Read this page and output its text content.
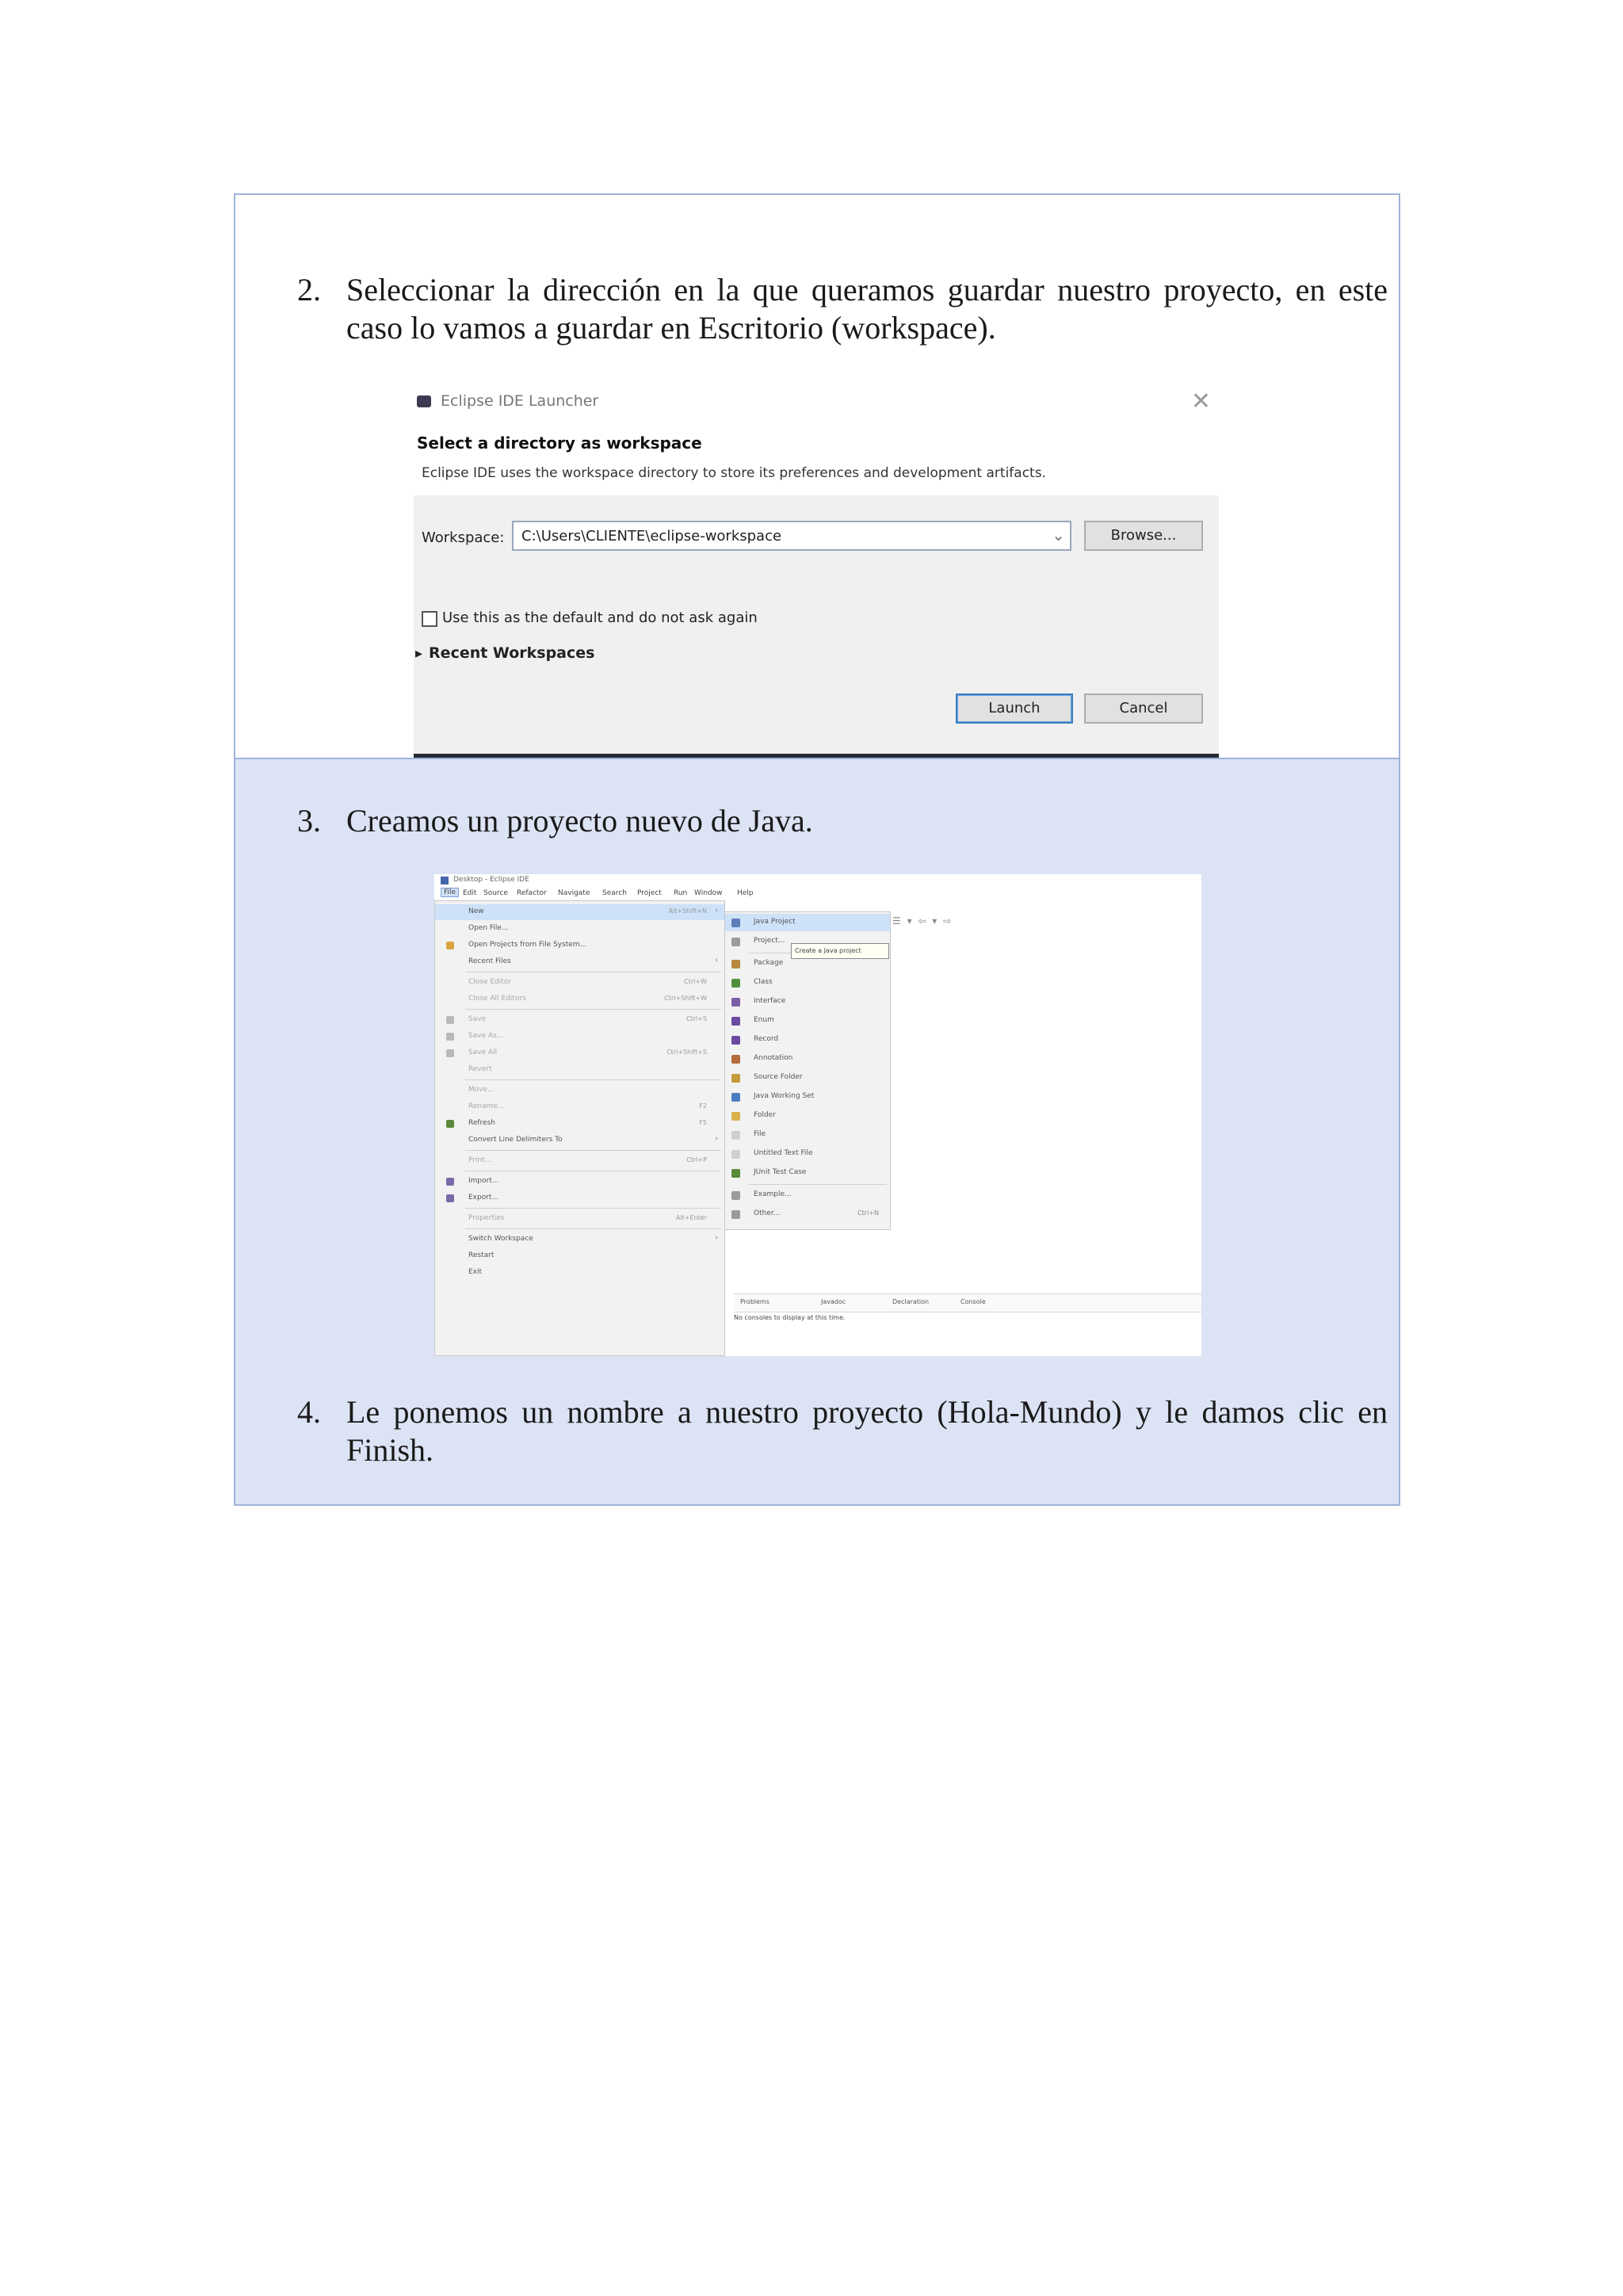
2. Seleccionar la dirección en la que queramos guardar nuestro proyecto, en este caso lo vamos a guardar en Escritorio (workspace).
Eclipse IDE Launcher	✕
Select a directory as workspace
Eclipse IDE uses the workspace directory to store its preferences and development artifacts.
Workspace: C:\Users\CLIENTE\eclipse-workspace	⌄	Browse...
Use this as the default and do not ask again
▸ Recent Workspaces
Launch	Cancel
3. Creamos un proyecto nuevo de Java.
Desktop - Eclipse IDE
File Edit Source Refactor Navigate Search Project Run Window Help
☰ ▾ ⇦ ▾ ⇨
New	Alt+Shift+N ›
Open File...
Open Projects from File System...
Recent Files	›
Close Editor	Ctrl+W
Close All Editors	Ctrl+Shift+W
Save	Ctrl+S
Save As...
Save All	Ctrl+Shift+S
Revert
Move...
Rename...	F2
Refresh	F5
Convert Line Delimiters To	›
Print...	Ctrl+P
Import...
Export...
Properties	Alt+Enter
Switch Workspace	›
Restart
Exit
Java Project
Project...
Package
Class
Interface
Enum
Record
Annotation
Source Folder
Java Working Set
Folder
File
Untitled Text File
JUnit Test Case
Example...
Other...	Ctrl+N
Create a Java project
Problems	Javadoc	Declaration	Console
No consoles to display at this time.
4. Le ponemos un nombre a nuestro proyecto (Hola-Mundo) y le damos clic en Finish.
